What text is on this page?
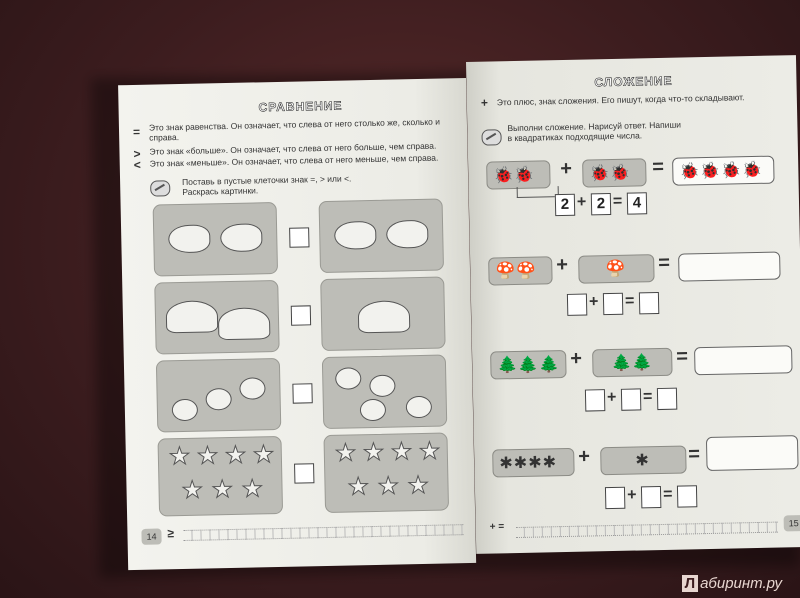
СРАВНЕНИЕ
= Это знак равенства. Он означает, что слева от него столько же, сколько и справа.
> Это знак «больше». Он означает, что слева от него больше, чем справа.
< Это знак «меньше». Он означает, что слева от него меньше, чем справа.
Поставь в пустые клеточки знак =, > или <. Раскрась картинки.
★ ★ ★ ★
★ ★ ★
★ ★ ★ ★
★ ★ ★
14 ≥
СЛОЖЕНИЕ
+ Это плюс, знак сложения. Его пишут, когда что-то складывают.
Выполни сложение. Нарисуй ответ. Напиши в квадратиках подходящие числа.
🐞🐞 + 🐞🐞 = 🐞🐞🐞🐞
2 + 2 = 4
🍄🍄 + 🍄 =
+ =
🌲🌲🌲 + 🌲🌲 =
+ =
✱✱✱✱ +	✱ =
+ =
+ =	15
Л абиринт.ру
